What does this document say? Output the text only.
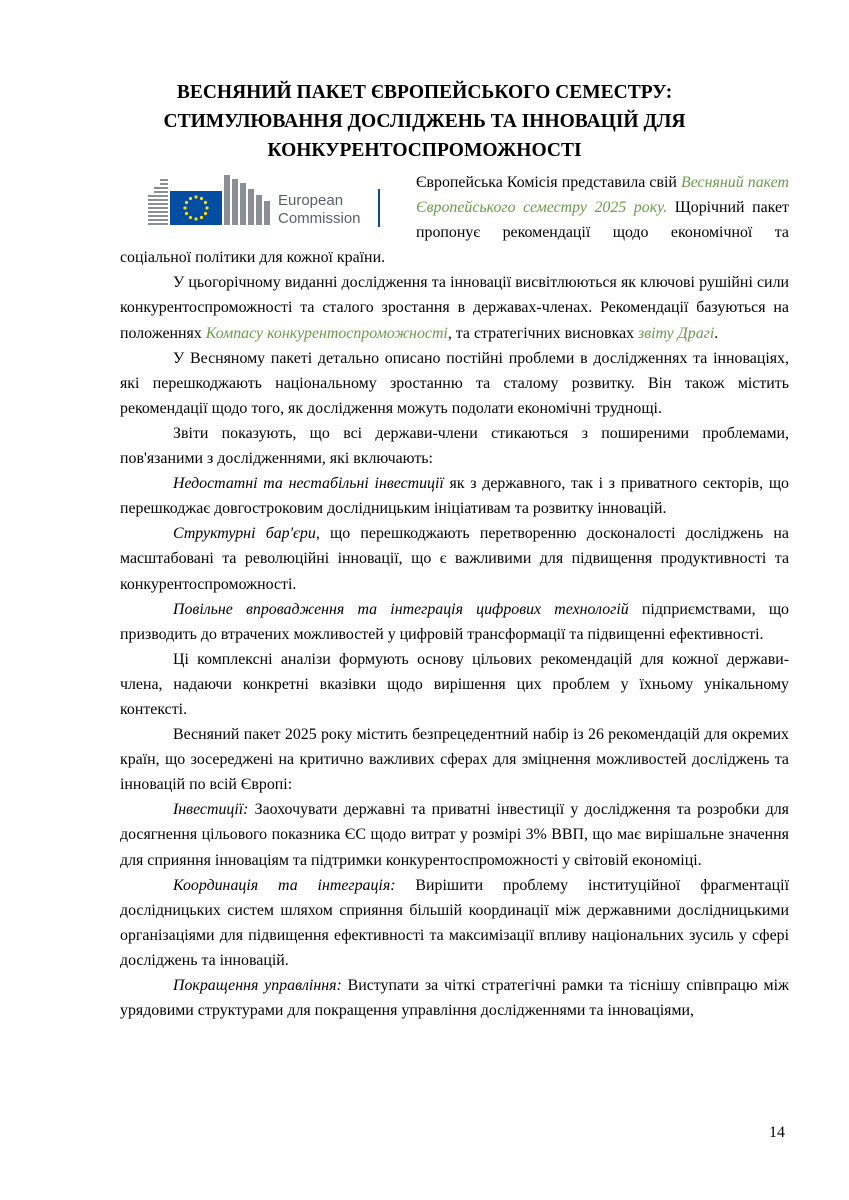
ВЕСНЯНИЙ ПАКЕТ ЄВРОПЕЙСЬКОГО СЕМЕСТРУ:
СТИМУЛЮВАННЯ ДОСЛІДЖЕНЬ ТА ІННОВАЦІЙ ДЛЯ
КОНКУРЕНТОСПРОМОЖНОСТІ
European
Commission

Європейська Комісія представила свій Весняний пакет Європейського семестру 2025 року. Щорічний пакет пропонує рекомендації щодо економічної та соціальної політики для кожної країни.

У цьогорічному виданні дослідження та інновації висвітлюються як ключові рушійні сили конкурентоспроможності та сталого зростання в державах-членах. Рекомендації базуються на положеннях Компасу конкурентоспроможності, та стратегічних висновках звіту Драгі.

У Весняному пакеті детально описано постійні проблеми в дослідженнях та інноваціях, які перешкоджають національному зростанню та сталому розвитку. Він також містить рекомендації щодо того, як дослідження можуть подолати економічні труднощі.

Звіти показують, що всі держави-члени стикаються з поширеними проблемами, пов'язаними з дослідженнями, які включають:

Недостатні та нестабільні інвестиції як з державного, так і з приватного секторів, що перешкоджає довгостроковим дослідницьким ініціативам та розвитку інновацій.

Структурні бар'єри, що перешкоджають перетворенню досконалості досліджень на масштабовані та революційні інновації, що є важливими для підвищення продуктивності та конкурентоспроможності.

Повільне впровадження та інтеграція цифрових технологій підприємствами, що призводить до втрачених можливостей у цифровій трансформації та підвищенні ефективності.

Ці комплексні аналізи формують основу цільових рекомендацій для кожної держави-члена, надаючи конкретні вказівки щодо вирішення цих проблем у їхньому унікальному контексті.

Весняний пакет 2025 року містить безпрецедентний набір із 26 рекомендацій для окремих країн, що зосереджені на критично важливих сферах для зміцнення можливостей досліджень та інновацій по всій Європі:

Інвестиції: Заохочувати державні та приватні інвестиції у дослідження та розробки для досягнення цільового показника ЄС щодо витрат у розмірі 3% ВВП, що має вирішальне значення для сприяння інноваціям та підтримки конкурентоспроможності у світовій економіці.

Координація та інтеграція: Вирішити проблему інституційної фрагментації дослідницьких систем шляхом сприяння більшій координації між державними дослідницькими організаціями для підвищення ефективності та максимізації впливу національних зусиль у сфері досліджень та інновацій.

Покращення управління: Виступати за чіткі стратегічні рамки та тіснішу співпрацю між урядовими структурами для покращення управління дослідженнями та інноваціями,

14
